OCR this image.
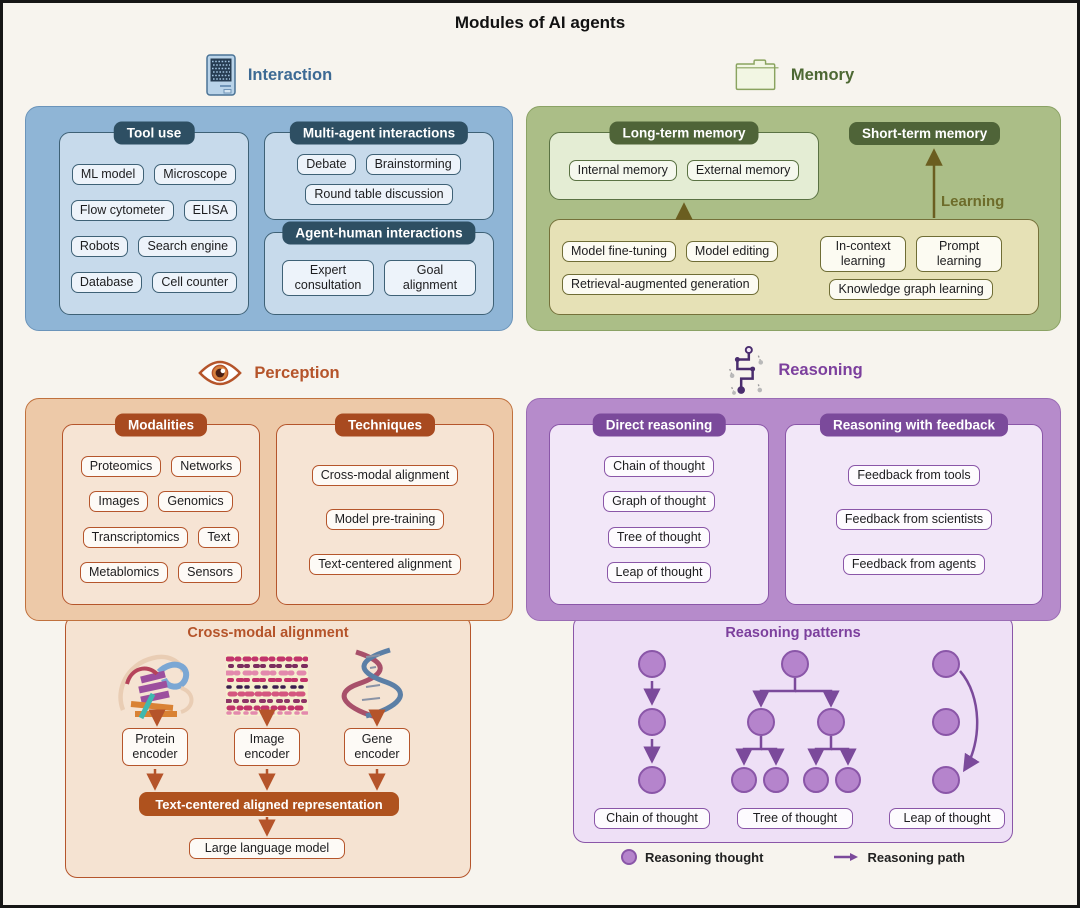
Modules of AI agents
Interaction
Tool use
ML model	Microscope
Flow cytometer	ELISA
Robots	Search engine
Database	Cell counter
Multi-agent interactions
Debate	Brainstorming
Round table discussion
Agent-human interactions
Expert consultation
Goal alignment
Memory
Long-term memory
Internal memory	External memory
Short-term memory
Learning
Model fine-tuning	Model editing
Retrieval-augmented generation
In-context learning
Prompt learning
Knowledge graph learning
Perception
Cross-modal alignment
Protein encoder
Image encoder
Gene encoder
Text-centered aligned representation
Large language model
Modalities
Proteomics	Networks
Images	Genomics
Transcriptomics	Text
Metablomics	Sensors
Techniques
Cross-modal alignment
Model pre-training
Text-centered alignment
Reasoning
Reasoning patterns
Chain of thought	Tree of thought	Leap of thought
Direct reasoning
Chain of thought
Graph of thought
Tree of thought
Leap of thought
Reasoning with feedback
Feedback from tools
Feedback from scientists
Feedback from agents
Reasoning thought	Reasoning path
